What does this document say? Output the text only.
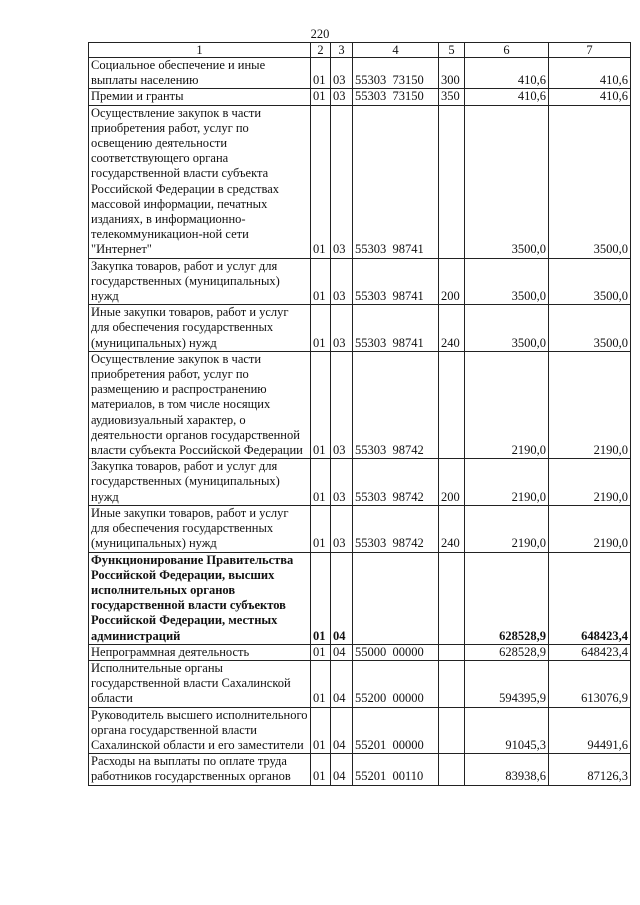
220
1	2	3	4	5	6	7
Социальное обеспечение и иные выплаты населению	01	03	55303  73150	300	410,6	410,6
Премии и гранты	01	03	55303  73150	350	410,6	410,6
Осуществление закупок в части приобретения работ, услуг по освещению деятельности соответствующего органа государственной власти субъекта Российской Федерации в средствах массовой информации, печатных изданиях, в информационно-телекоммуникацион-ной сети "Интернет"	01	03	55303  98741		3500,0	3500,0
Закупка товаров, работ и услуг для государственных (муниципальных) нужд	01	03	55303  98741	200	3500,0	3500,0
Иные закупки товаров, работ и услуг для обеспечения государственных (муниципальных) нужд	01	03	55303  98741	240	3500,0	3500,0
Осуществление закупок в части приобретения работ, услуг по размещению и распространению материалов, в том числе носящих аудиовизуальный характер, о деятельности органов государственной власти субъекта Российской Федерации	01	03	55303  98742		2190,0	2190,0
Закупка товаров, работ и услуг для государственных (муниципальных) нужд	01	03	55303  98742	200	2190,0	2190,0
Иные закупки товаров, работ и услуг для обеспечения государственных (муниципальных) нужд	01	03	55303  98742	240	2190,0	2190,0
Функционирование Правительства Российской Федерации, высших исполнительных органов государственной власти субъектов Российской Федерации, местных администраций	01	04			628528,9	648423,4
Непрограммная деятельность	01	04	55000  00000		628528,9	648423,4
Исполнительные органы государственной власти Сахалинской области	01	04	55200  00000		594395,9	613076,9
Руководитель высшего исполнительного органа государственной власти Сахалинской области и его заместители	01	04	55201  00000		91045,3	94491,6
Расходы на выплаты по оплате труда работников государственных органов	01	04	55201  00110		83938,6	87126,3
